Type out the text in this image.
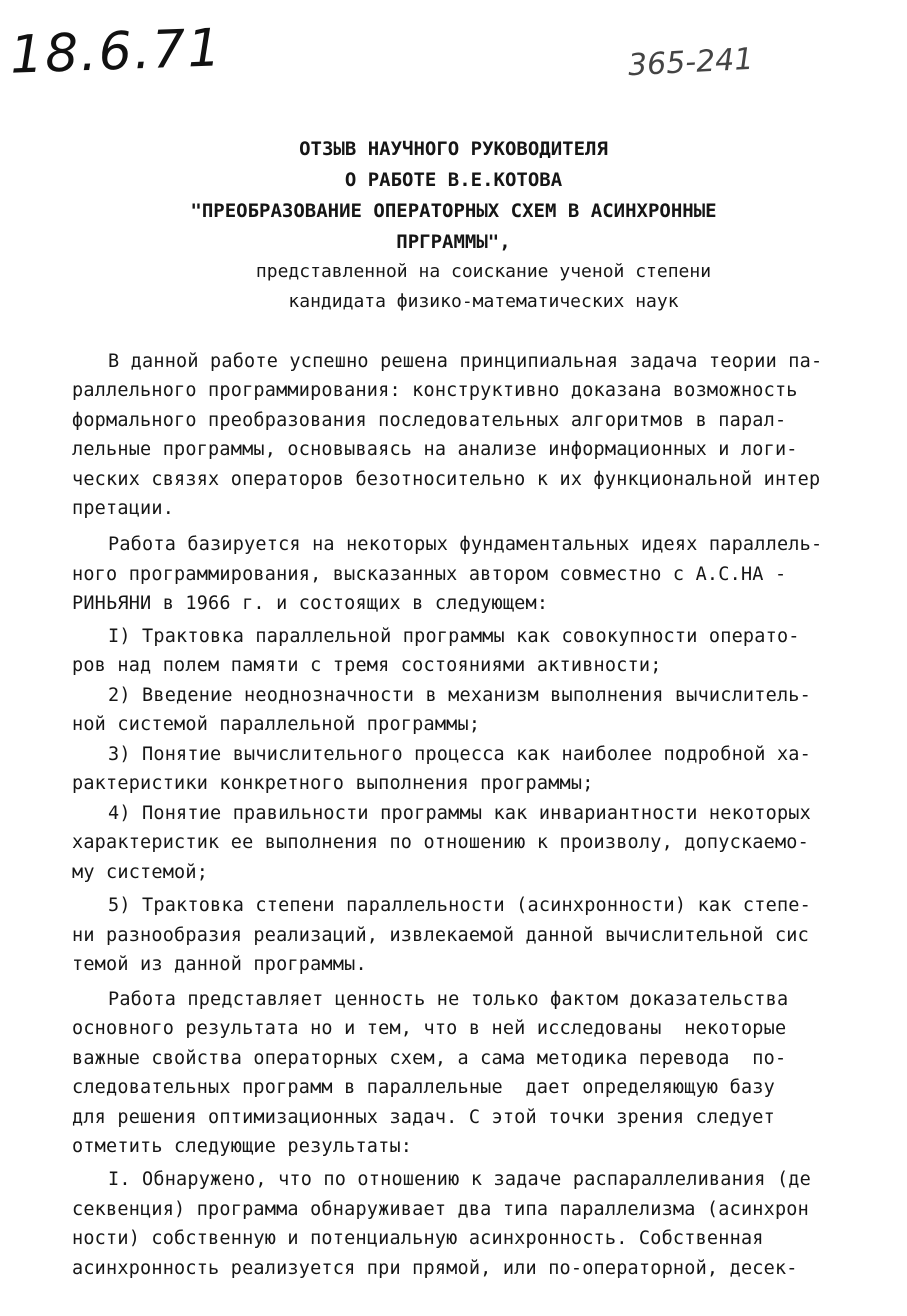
18.6.71	365-241
ОТЗЫВ НАУЧНОГО РУКОВОДИТЕЛЯ
О РАБОТЕ В.Е.КОТОВА
"ПРЕОБРАЗОВАНИЕ ОПЕРАТОРНЫХ СХЕМ В АСИНХРОННЫЕ
ПРГРАММЫ",
представленной на соискание ученой степени
кандидата физико-математических наук
В данной работе успешно решена принципиальная задача теории па-
раллельного программирования: конструктивно доказана возможность
формального преобразования последовательных алгоритмов в парал-
лельные программы, основываясь на анализе информационных и логи-
ческих связях операторов безотносительно к их функциональной интер
претации.
Работа базируется на некоторых фундаментальных идеях параллель-
ного программирования, высказанных автором совместно с А.С.НА -
РИНЬЯНИ в 1966 г. и состоящих в следующем:
I) Трактовка параллельной программы как совокупности операто-
ров над полем памяти с тремя состояниями активности;
2) Введение неоднозначности в механизм выполнения вычислитель-
ной системой параллельной программы;
3) Понятие вычислительного процесса как наиболее подробной ха-
рактеристики конкретного выполнения программы;
4) Понятие правильности программы как инвариантности некоторых
характеристик ее выполнения по отношению к произволу, допускаемо-
му системой;
5) Трактовка степени параллельности (асинхронности) как степе-
ни разнообразия реализаций, извлекаемой данной вычислительной сис
темой из данной программы.
Работа представляет ценность не только фактом доказательства
основного результата но и тем, что в ней исследованы  некоторые
важные свойства операторных схем, а сама методика перевода  по-
следовательных программ в параллельные  дает определяющую базу
для решения оптимизационных задач. С этой точки зрения следует
отметить следующие результаты:
I. Обнаружено, что по отношению к задаче распараллеливания (де
секвенция) программа обнаруживает два типа параллелизма (асинхрон
ности) собственную и потенциальную асинхронность. Собственная
асинхронность реализуется при прямой, или по-операторной, десек-
